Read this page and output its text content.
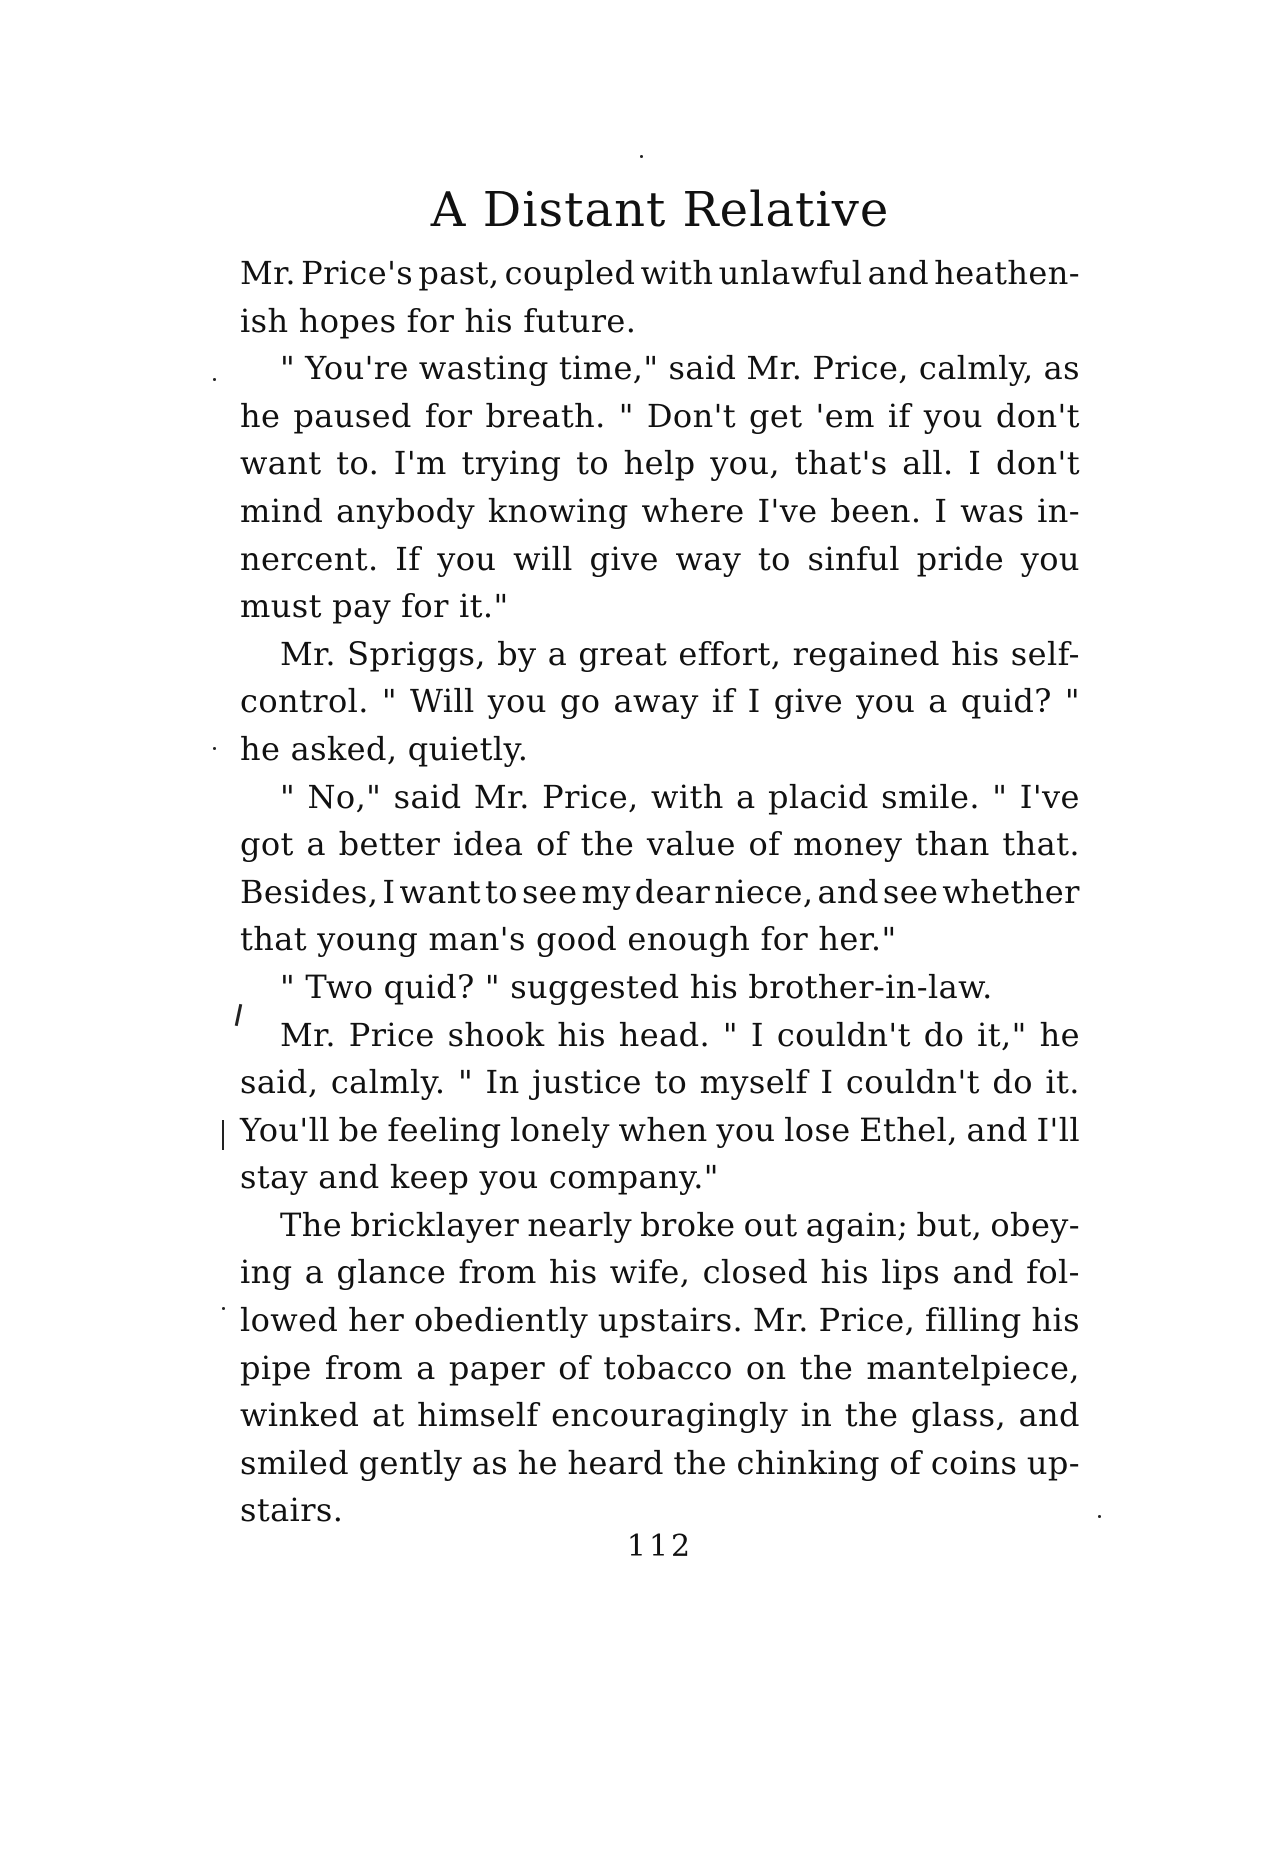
A Distant Relative
Mr. Price's past, coupled with unlawful and heathen-
ish hopes for his future.
" You're wasting time," said Mr. Price, calmly, as
he paused for breath. " Don't get 'em if you don't
want to. I'm trying to help you, that's all. I don't
mind anybody knowing where I've been. I was in-
nercent. If you will give way to sinful pride you
must pay for it."
Mr. Spriggs, by a great effort, regained his self-
control. " Will you go away if I give you a quid? "
he asked, quietly.
" No," said Mr. Price, with a placid smile. " I've
got a better idea of the value of money than that.
Besides, I want to see my dear niece, and see whether
that young man's good enough for her."
" Two quid? " suggested his brother-in-law.
Mr. Price shook his head. " I couldn't do it," he
said, calmly. " In justice to myself I couldn't do it.
You'll be feeling lonely when you lose Ethel, and I'll
stay and keep you company."
The bricklayer nearly broke out again; but, obey-
ing a glance from his wife, closed his lips and fol-
lowed her obediently upstairs. Mr. Price, filling his
pipe from a paper of tobacco on the mantelpiece,
winked at himself encouragingly in the glass, and
smiled gently as he heard the chinking of coins up-
stairs.
112
